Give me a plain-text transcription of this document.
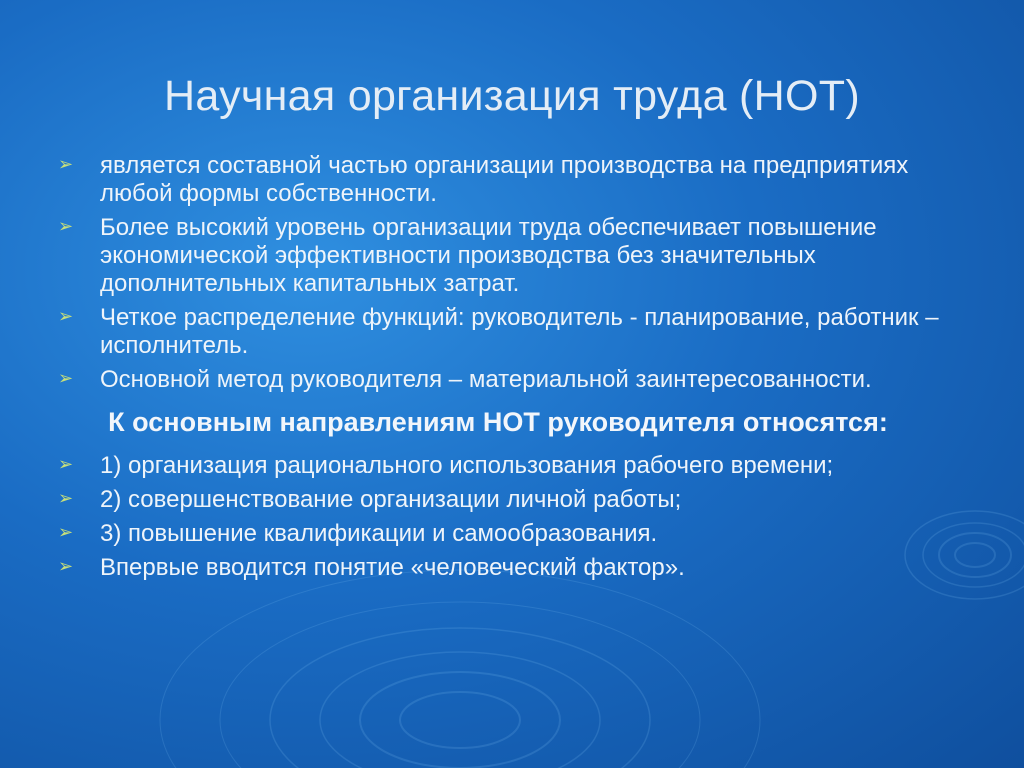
Научная организация труда (НОТ)
➢ является составной частью организации производства на предприятиях любой формы собственности.
➢ Более высокий уровень организации труда обеспечивает повышение экономической эффективности производства без значительных дополнительных капитальных затрат.
➢ Четкое распределение функций: руководитель - планирование, работник – исполнитель.
➢ Основной метод руководителя – материальной заинтересованности.
К основным направлениям НОТ руководителя относятся:
➢ 1) организация рационального использования рабочего времени;
➢ 2) совершенствование организации личной работы;
➢ 3) повышение квалификации и самообразования.
➢ Впервые вводится понятие «человеческий фактор».
